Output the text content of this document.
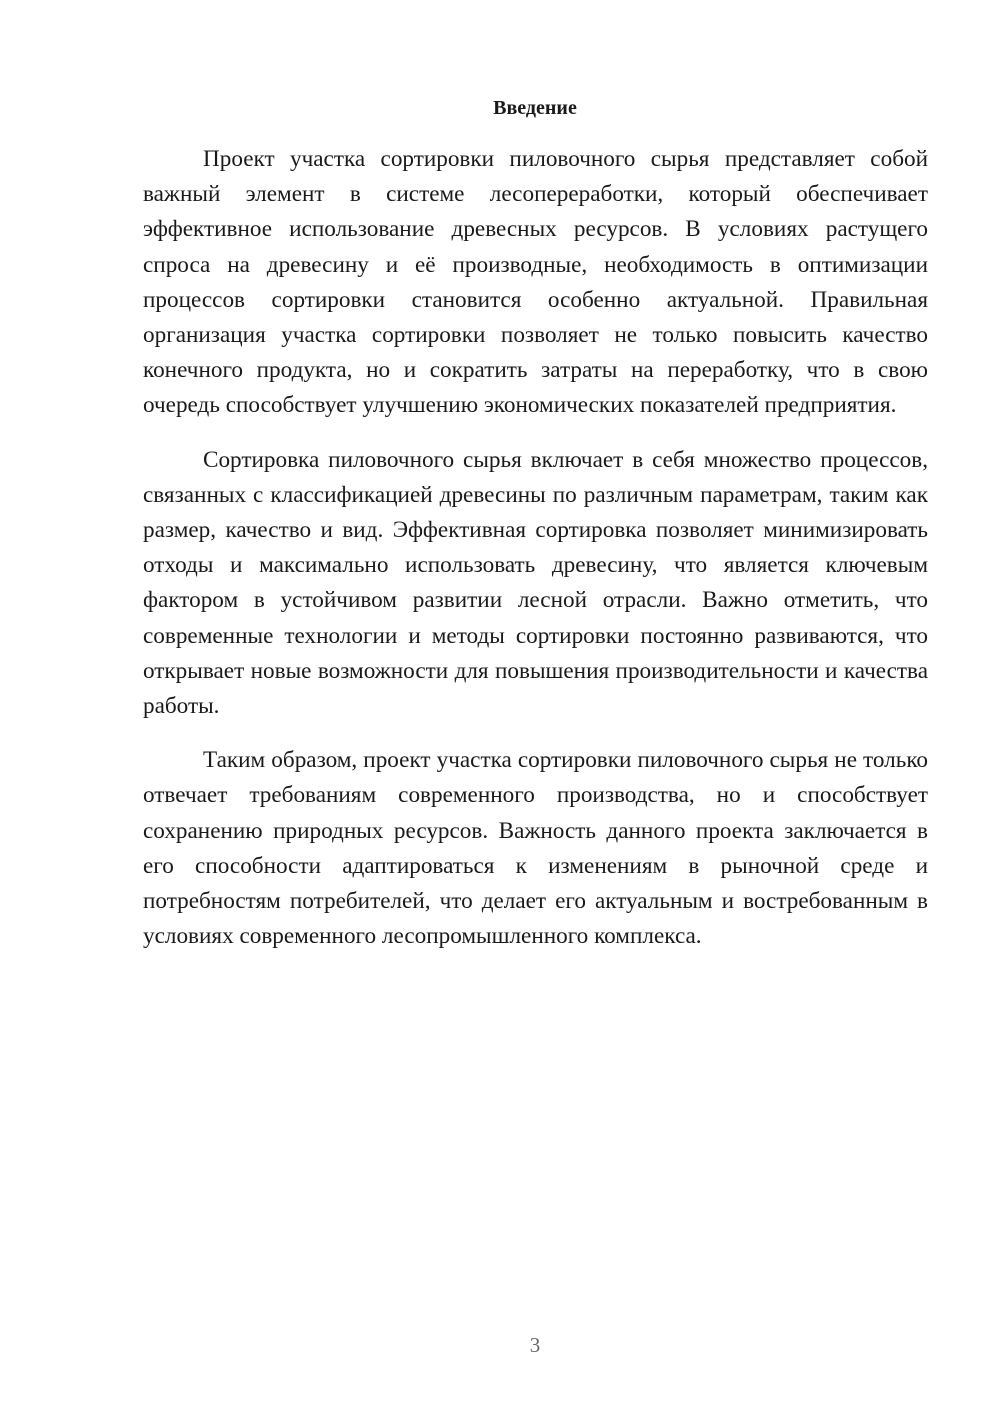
Введение

Проект участка сортировки пиловочного сырья представляет собой важный элемент в системе лесопереработки, который обеспечивает эффективное использование древесных ресурсов. В условиях растущего спроса на древесину и её производные, необходимость в оптимизации процессов сортировки становится особенно актуальной. Правильная организация участка сортировки позволяет не только повысить качество конечного продукта, но и сократить затраты на переработку, что в свою очередь способствует улучшению экономических показателей предприятия.

Сортировка пиловочного сырья включает в себя множество процессов, связанных с классификацией древесины по различным параметрам, таким как размер, качество и вид. Эффективная сортировка позволяет минимизировать отходы и максимально использовать древесину, что является ключевым фактором в устойчивом развитии лесной отрасли. Важно отметить, что современные технологии и методы сортировки постоянно развиваются, что открывает новые возможности для повышения производительности и качества работы.

Таким образом, проект участка сортировки пиловочного сырья не только отвечает требованиям современного производства, но и способствует сохранению природных ресурсов. Важность данного проекта заключается в его способности адаптироваться к изменениям в рыночной среде и потребностям потребителей, что делает его актуальным и востребованным в условиях современного лесопромышленного комплекса.

3
